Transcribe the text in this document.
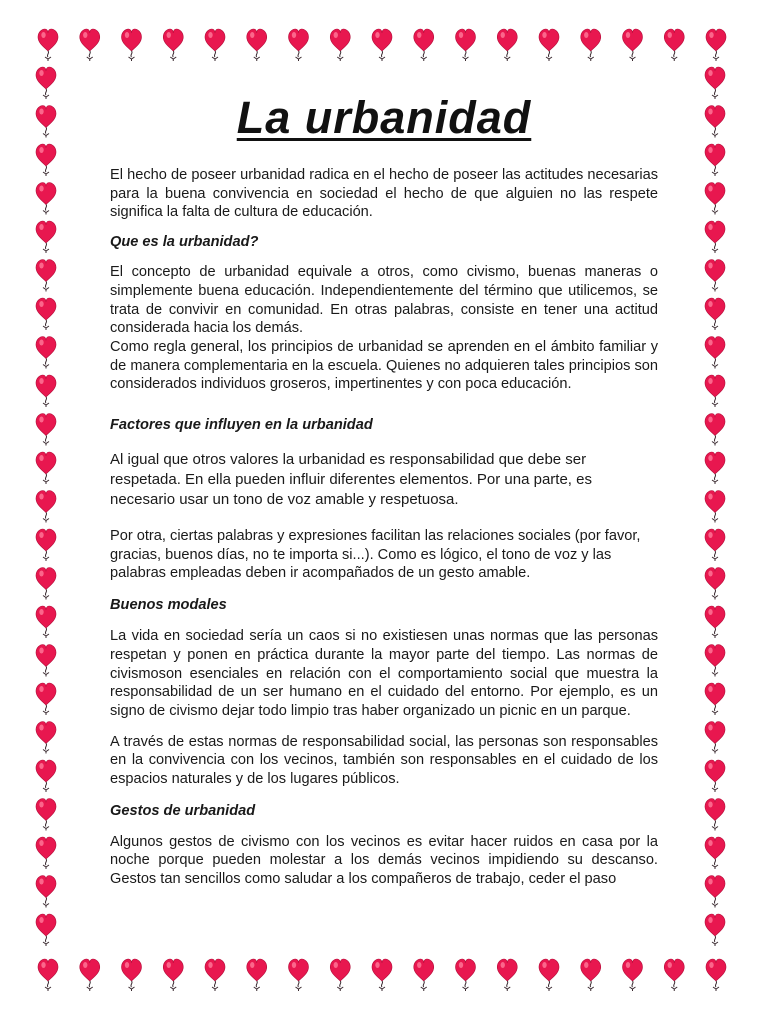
La urbanidad

El hecho de poseer urbanidad radica en el hecho de poseer las actitudes necesarias para la buena convivencia en sociedad el hecho de que alguien no las respete significa la falta de cultura de educación.

Que es la urbanidad?

El concepto de urbanidad equivale a otros, como civismo, buenas maneras o simplemente buena educación. Independientemente del término que utilicemos, se trata de convivir en comunidad. En otras palabras, consiste en tener una actitud considerada hacia los demás.

Como regla general, los principios de urbanidad se aprenden en el ámbito familiar y de manera complementaria en la escuela. Quienes no adquieren tales principios son considerados individuos groseros, impertinentes y con poca educación.

Factores que influyen en la urbanidad

Al igual que otros valores la urbanidad es responsabilidad que debe ser respetada. En ella pueden influir diferentes elementos. Por una parte, es necesario usar un tono de voz amable y respetuosa.

Por otra, ciertas palabras y expresiones facilitan las relaciones sociales (por favor, gracias, buenos días, no te importa si...). Como es lógico, el tono de voz y las palabras empleadas deben ir acompañados de un gesto amable.

Buenos modales

La vida en sociedad sería un caos si no existiesen unas normas que las personas respetan y ponen en práctica durante la mayor parte del tiempo. Las normas de civismoson esenciales en relación con el comportamiento social que muestra la responsabilidad de un ser humano en el cuidado del entorno. Por ejemplo, es un signo de civismo dejar todo limpio tras haber organizado un picnic en un parque.

A través de estas normas de responsabilidad social, las personas son responsables en la convivencia con los vecinos, también son responsables en el cuidado de los espacios naturales y de los lugares públicos.

Gestos de urbanidad

Algunos gestos de civismo con los vecinos es evitar hacer ruidos en casa por la noche porque pueden molestar a los demás vecinos impidiendo su descanso. Gestos tan sencillos como saludar a los compañeros de trabajo, ceder el paso
